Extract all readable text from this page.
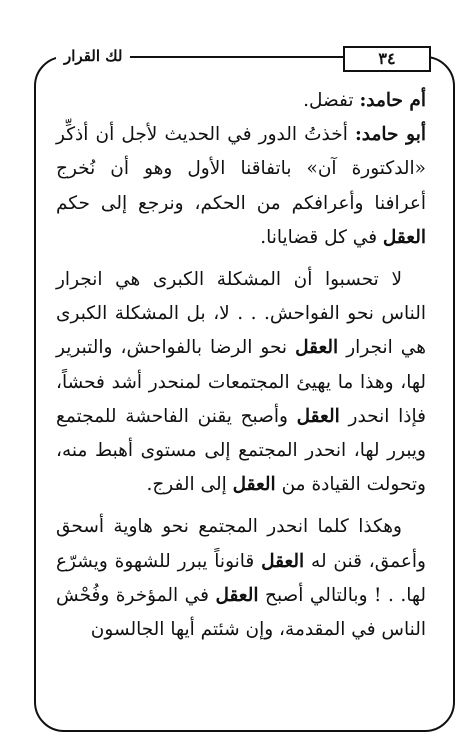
لك القرار	٣٤

أم حامد: تفضل.

أبو حامد: أخذتُ الدور في الحديث لأجل أن أذكِّر «الدكتورة آن» باتفاقنا الأول وهو أن نُخرج أعرافنا وأعرافكم من الحكم، ونرجع إلى حكم العقل في كل قضايانا.

لا تحسبوا أن المشكلة الكبرى هي انجرار الناس نحو الفواحش. . . لا، بل المشكلة الكبرى هي انجرار العقل نحو الرضا بالفواحش، والتبرير لها، وهذا ما يهيئ المجتمعات لمنحدر أشد فحشاً، فإذا انحدر العقل وأصبح يقنن الفاحشة للمجتمع ويبرر لها، انحدر المجتمع إلى مستوى أهبط منه، وتحولت القيادة من العقل إلى الفرج.

وهكذا كلما انحدر المجتمع نحو هاوية أسحق وأعمق، قنن له العقل قانوناً يبرر للشهوة ويشرّع لها. . ! وبالتالي أصبح العقل في المؤخرة وفُحْش الناس في المقدمة، وإن شئتم أيها الجالسون
